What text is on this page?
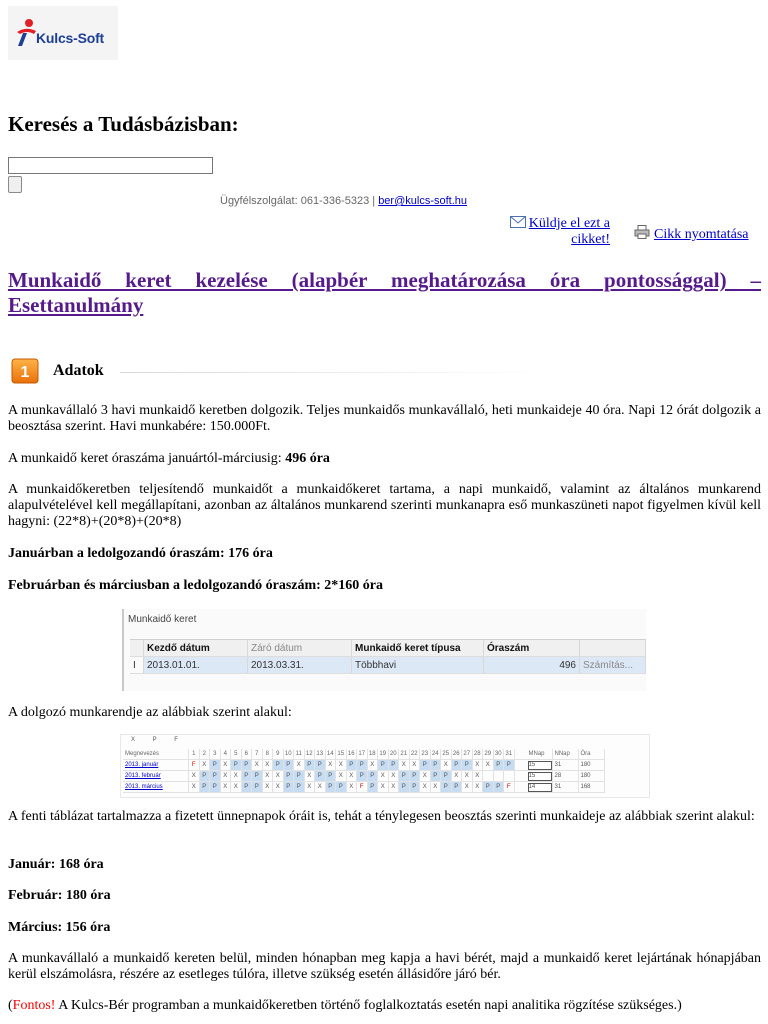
Kulcs-Soft
Keresés a Tudásbázisban:
Ügyfélszolgálat: 061-336-5323 | ber@kulcs-soft.hu
Küldje el ezt a cikket!	Cikk nyomtatása
Munkaidő keret kezelése (alapbér meghatározása óra pontossággal) – Esettanulmány
1 Adatok

A munkavállaló 3 havi munkaidő keretben dolgozik. Teljes munkaidős munkavállaló, heti munkaideje 40 óra. Napi 12 órát dolgozik a beosztása szerint. Havi munkabére: 150.000Ft.

A munkaidő keret óraszáma januártól-márciusig: 496 óra

A munkaidőkeretben teljesítendő munkaidőt a munkaidőkeret tartama, a napi munkaidő, valamint az általános munkarend alapulvételével kell megállapítani, azonban az általános munkarend szerinti munkanapra eső munkaszüneti napot figyelmen kívül kell hagyni: (22*8)+(20*8)+(20*8)

Januárban a ledolgozandó óraszám: 176 óra

Februárban és márciusban a ledolgozandó óraszám: 2*160 óra

Munkaidő keret
Kezdő dátum	Záró dátum	Munkaidő keret típusa	Óraszám
I	2013.01.01.	2013.03.31.	Többhavi	496 Számítás...

A dolgozó munkarendje az alábbiak szerint alakul:

X P F
Megnevezés	1	2	3	4	5	6	7	8	9 10 11 12 13 14 15 16 17 18 19 20 21 22 23 24 25 26 27 28 29 30 31	MNap	NNap	Óra
2013. január	F	X	P	X	P	P	X	X	P	P	X	P	P	X	X	P	P	X	P	P	X	X	P	P	X	P	P	X	X	P	P	15	31	180
2013. február	X	P	P	X	X	P	P	X	X	P	P	X	P	P	X	X	P	P	X	X	P	P	X	P	P	X	X	X	15	28	180
2013. március	X	P	P	X	X	P	P	X	X	P	P	X	X	P	P	X	F	P	X	X	P	P	X	X	P	P	X	X	P	P	F	14	31	168

A fenti táblázat tartalmazza a fizetett ünnepnapok óráit is, tehát a ténylegesen beosztás szerinti munkaideje az alábbiak szerint alakul:

Január: 168 óra

Február: 180 óra

Március: 156 óra

A munkavállaló a munkaidő kereten belül, minden hónapban meg kapja a havi bérét, majd a munkaidő keret lejártának hónapjában kerül elszámolásra, részére az esetleges túlóra, illetve szükség esetén állásidőre járó bér.

(Fontos! A Kulcs-Bér programban a munkaidőkeretben történő foglalkoztatás esetén napi analitika rögzítése szükséges.)
